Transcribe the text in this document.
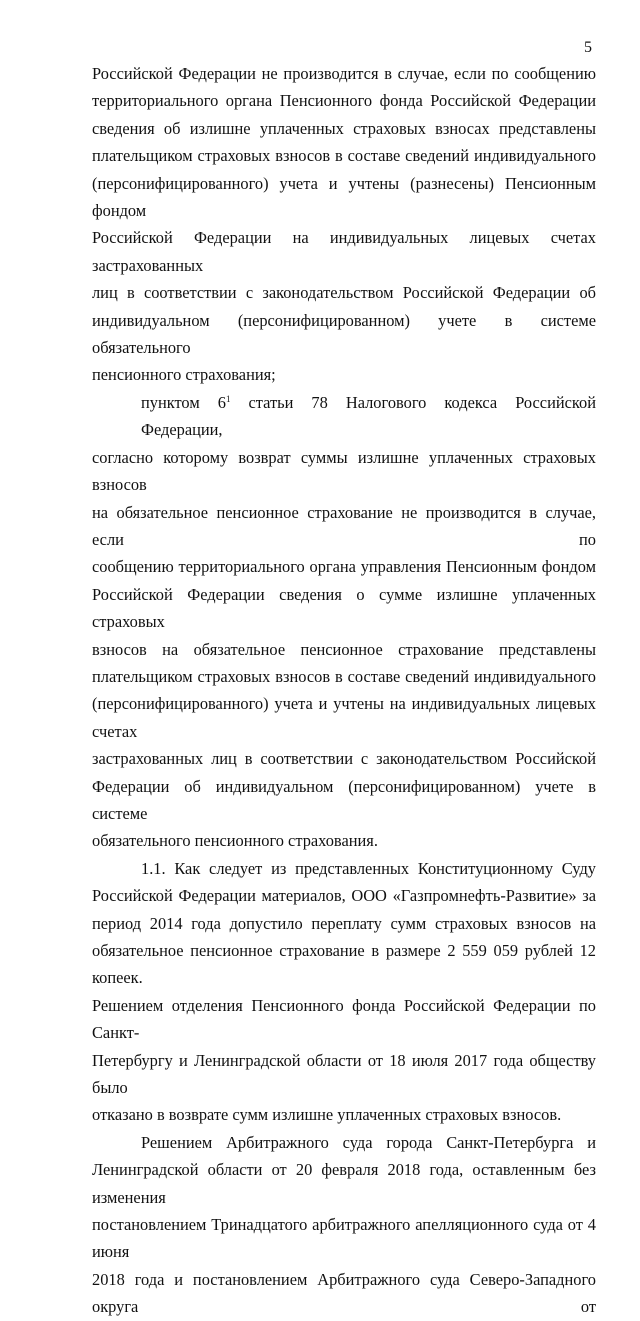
5
Российской Федерации не производится в случае, если по сообщению
территориального органа Пенсионного фонда Российской Федерации
сведения об излишне уплаченных страховых взносах представлены
плательщиком страховых взносов в составе сведений индивидуального
(персонифицированного) учета и учтены (разнесены) Пенсионным фондом
Российской Федерации на индивидуальных лицевых счетах застрахованных
лиц в соответствии с законодательством Российской Федерации об
индивидуальном (персонифицированном) учете в системе обязательного
пенсионного страхования;
пунктом $6^1$ статьи 78 Налогового кодекса Российской Федерации,
согласно которому возврат суммы излишне уплаченных страховых взносов
на обязательное пенсионное страхование не производится в случае, если по
сообщению территориального органа управления Пенсионным фондом
Российской Федерации сведения о сумме излишне уплаченных страховых
взносов на обязательное пенсионное страхование представлены
плательщиком страховых взносов в составе сведений индивидуального
(персонифицированного) учета и учтены на индивидуальных лицевых счетах
застрахованных лиц в соответствии с законодательством Российской
Федерации об индивидуальном (персонифицированном) учете в системе
обязательного пенсионного страхования.
1.1. Как следует из представленных Конституционному Суду
Российской Федерации материалов, ООО «Газпромнефть-Развитие» за
период 2014 года допустило переплату сумм страховых взносов на
обязательное пенсионное страхование в размере 2 559 059 рублей 12 копеек.
Решением отделения Пенсионного фонда Российской Федерации по Санкт-
Петербургу и Ленинградской области от 18 июля 2017 года обществу было
отказано в возврате сумм излишне уплаченных страховых взносов.
Решением Арбитражного суда города Санкт-Петербурга и
Ленинградской области от 20 февраля 2018 года, оставленным без изменения
постановлением Тринадцатого арбитражного апелляционного суда от 4 июня
2018 года и постановлением Арбитражного суда Северо-Западного округа от
